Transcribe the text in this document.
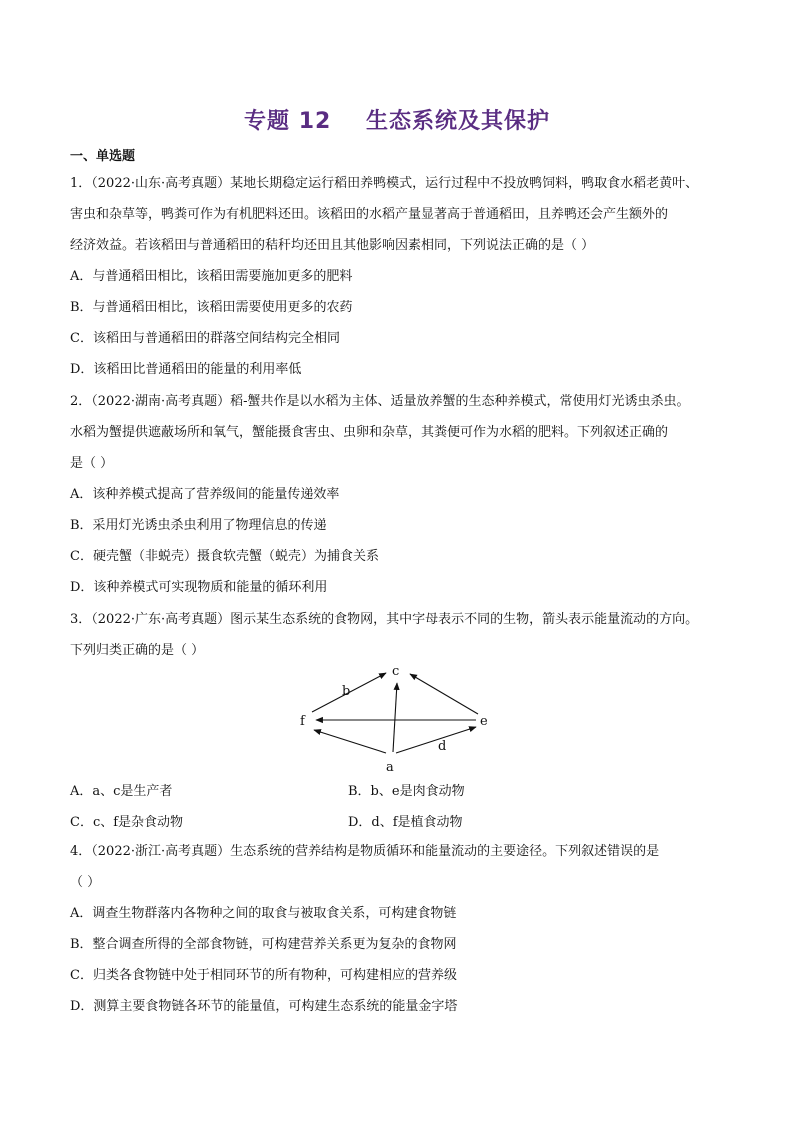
专题 12    生态系统及其保护
一、单选题
1．（2022·山东·高考真题）某地长期稳定运行稻田养鸭模式，运行过程中不投放鸭饲料，鸭取食水稻老黄叶、
害虫和杂草等，鸭粪可作为有机肥料还田。该稻田的水稻产量显著高于普通稻田，且养鸭还会产生额外的
经济效益。若该稻田与普通稻田的秸秆均还田且其他影响因素相同，下列说法正确的是（ ）
A．与普通稻田相比，该稻田需要施加更多的肥料
B．与普通稻田相比，该稻田需要使用更多的农药
C．该稻田与普通稻田的群落空间结构完全相同
D．该稻田比普通稻田的能量的利用率低
2．（2022·湖南·高考真题）稻-蟹共作是以水稻为主体、适量放养蟹的生态种养模式，常使用灯光诱虫杀虫。
水稻为蟹提供遮蔽场所和氧气，蟹能摄食害虫、虫卵和杂草，其粪便可作为水稻的肥料。下列叙述正确的
是（ ）
A．该种养模式提高了营养级间的能量传递效率
B．采用灯光诱虫杀虫利用了物理信息的传递
C．硬壳蟹（非蜕壳）摄食软壳蟹（蜕壳）为捕食关系
D．该种养模式可实现物质和能量的循环利用
3．（2022·广东·高考真题）图示某生态系统的食物网，其中字母表示不同的生物，箭头表示能量流动的方向。
下列归类正确的是（ ）
c
b
f	e
d
a
A．a、c是生产者	B．b、e是肉食动物
C．c、f是杂食动物	D．d、f是植食动物
4．（2022·浙江·高考真题）生态系统的营养结构是物质循环和能量流动的主要途径。下列叙述错误的是
（ ）
A．调查生物群落内各物种之间的取食与被取食关系，可构建食物链
B．整合调查所得的全部食物链，可构建营养关系更为复杂的食物网
C．归类各食物链中处于相同环节的所有物种，可构建相应的营养级
D．测算主要食物链各环节的能量值，可构建生态系统的能量金字塔
